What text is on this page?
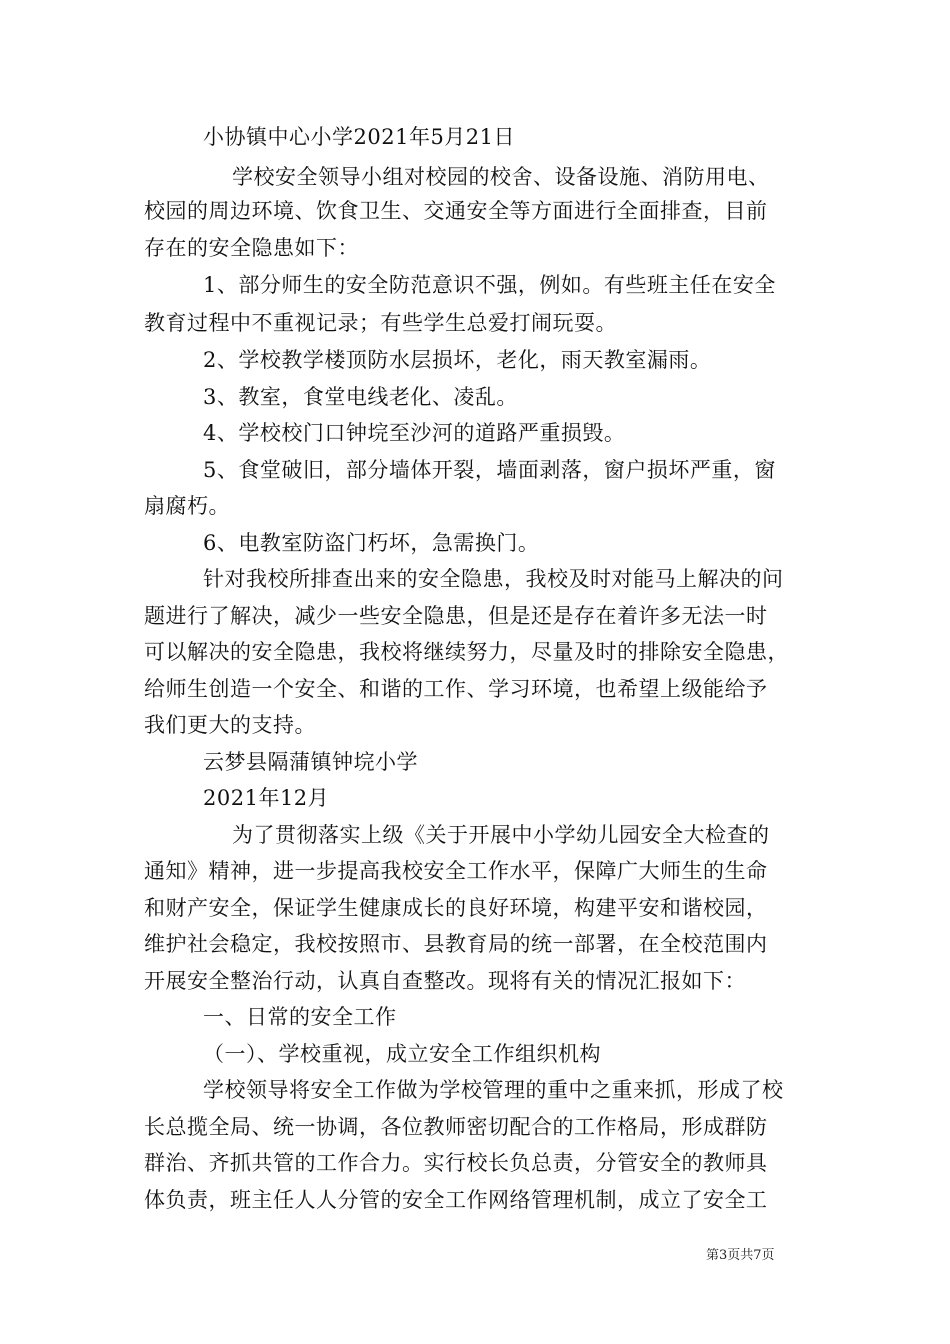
小协镇中心小学2021年5月21日
学校安全领导小组对校园的校舍、设备设施、消防用电、
校园的周边环境、饮食卫生、交通安全等方面进行全面排查，目前
存在的安全隐患如下：
1、部分师生的安全防范意识不强，例如。有些班主任在安全
教育过程中不重视记录；有些学生总爱打闹玩耍。
2、学校教学楼顶防水层损坏，老化，雨天教室漏雨。
3、教室，食堂电线老化、凌乱。
4、学校校门口钟垸至沙河的道路严重损毁。
5、食堂破旧，部分墙体开裂，墙面剥落，窗户损坏严重，窗
扇腐朽。
6、电教室防盗门朽坏，急需换门。
针对我校所排查出来的安全隐患，我校及时对能马上解决的问
题进行了解决，减少一些安全隐患，但是还是存在着许多无法一时
可以解决的安全隐患，我校将继续努力，尽量及时的排除安全隐患，
给师生创造一个安全、和谐的工作、学习环境，也希望上级能给予
我们更大的支持。
云梦县隔蒲镇钟垸小学
2021年12月
为了贯彻落实上级《关于开展中小学幼儿园安全大检查的
通知》精神，进一步提高我校安全工作水平，保障广大师生的生命
和财产安全，保证学生健康成长的良好环境，构建平安和谐校园，
维护社会稳定，我校按照市、县教育局的统一部署，在全校范围内
开展安全整治行动，认真自查整改。现将有关的情况汇报如下：
一、日常的安全工作
（一）、学校重视，成立安全工作组织机构
学校领导将安全工作做为学校管理的重中之重来抓，形成了校
长总揽全局、统一协调，各位教师密切配合的工作格局，形成群防
群治、齐抓共管的工作合力。实行校长负总责，分管安全的教师具
体负责，班主任人人分管的安全工作网络管理机制，成立了安全工
第3页共7页
